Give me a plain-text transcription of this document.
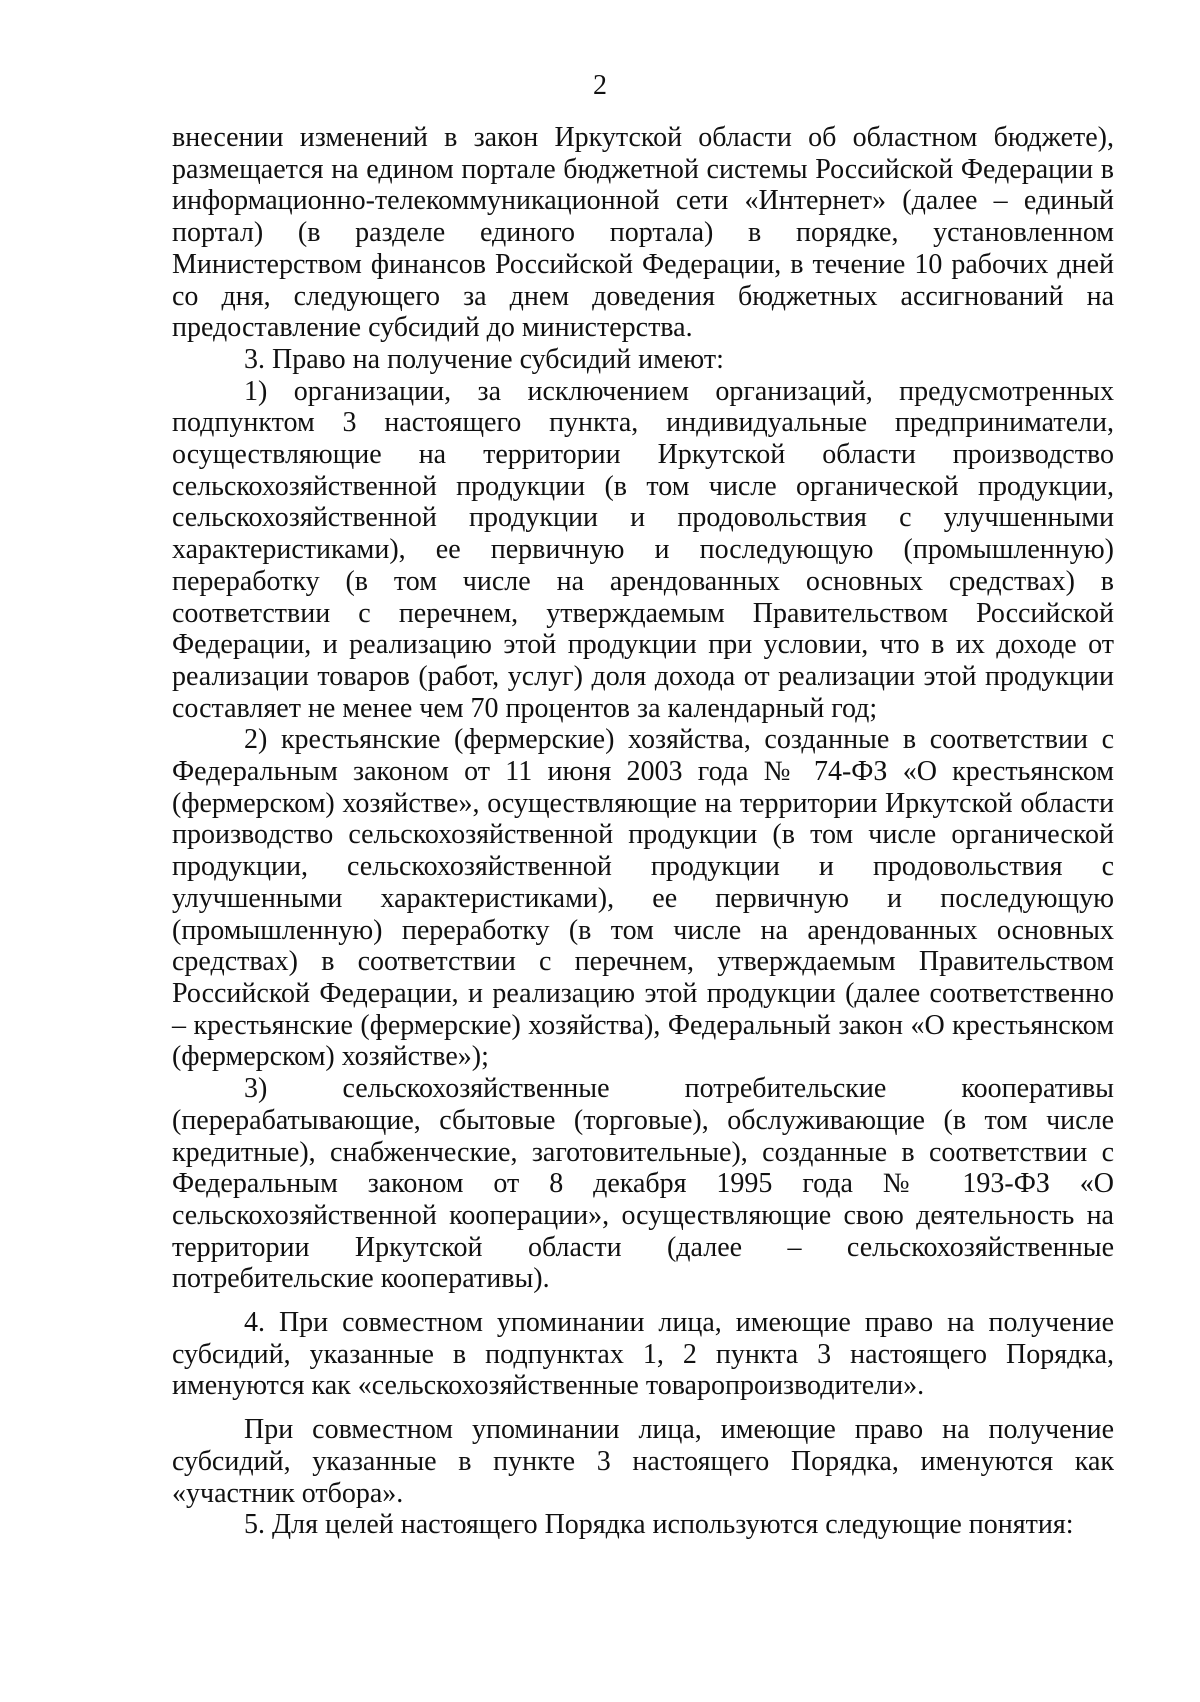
2

внесении изменений в закон Иркутской области об областном бюджете), размещается на едином портале бюджетной системы Российской Федерации в информационно-телекоммуникационной сети «Интернет» (далее – единый портал) (в разделе единого портала) в порядке, установленном Министерством финансов Российской Федерации, в течение 10 рабочих дней со дня, следующего за днем доведения бюджетных ассигнований на предоставление субсидий до министерства.

3. Право на получение субсидий имеют:

1) организации, за исключением организаций, предусмотренных подпунктом 3 настоящего пункта, индивидуальные предприниматели, осуществляющие на территории Иркутской области производство сельскохозяйственной продукции (в том числе органической продукции, сельскохозяйственной продукции и продовольствия с улучшенными характеристиками), ее первичную и последующую (промышленную) переработку (в том числе на арендованных основных средствах) в соответствии с перечнем, утверждаемым Правительством Российской Федерации, и реализацию этой продукции при условии, что в их доходе от реализации товаров (работ, услуг) доля дохода от реализации этой продукции составляет не менее чем 70 процентов за календарный год;

2) крестьянские (фермерские) хозяйства, созданные в соответствии с Федеральным законом от 11 июня 2003 года № 74-ФЗ «О крестьянском (фермерском) хозяйстве», осуществляющие на территории Иркутской области производство сельскохозяйственной продукции (в том числе органической продукции, сельскохозяйственной продукции и продовольствия с улучшенными характеристиками), ее первичную и последующую (промышленную) переработку (в том числе на арендованных основных средствах) в соответствии с перечнем, утверждаемым Правительством Российской Федерации, и реализацию этой продукции (далее соответственно – крестьянские (фермерские) хозяйства), Федеральный закон «О крестьянском (фермерском) хозяйстве»);

3) сельскохозяйственные потребительские кооперативы (перерабатывающие, сбытовые (торговые), обслуживающие (в том числе кредитные), снабженческие, заготовительные), созданные в соответствии с Федеральным законом от 8 декабря 1995 года № 193-ФЗ «О сельскохозяйственной кооперации», осуществляющие свою деятельность на территории Иркутской области (далее – сельскохозяйственные потребительские кооперативы).

4. При совместном упоминании лица, имеющие право на получение субсидий, указанные в подпунктах 1, 2 пункта 3 настоящего Порядка, именуются как «сельскохозяйственные товаропроизводители».

При совместном упоминании лица, имеющие право на получение субсидий, указанные в пункте 3 настоящего Порядка, именуются как «участник отбора».

5. Для целей настоящего Порядка используются следующие понятия:
